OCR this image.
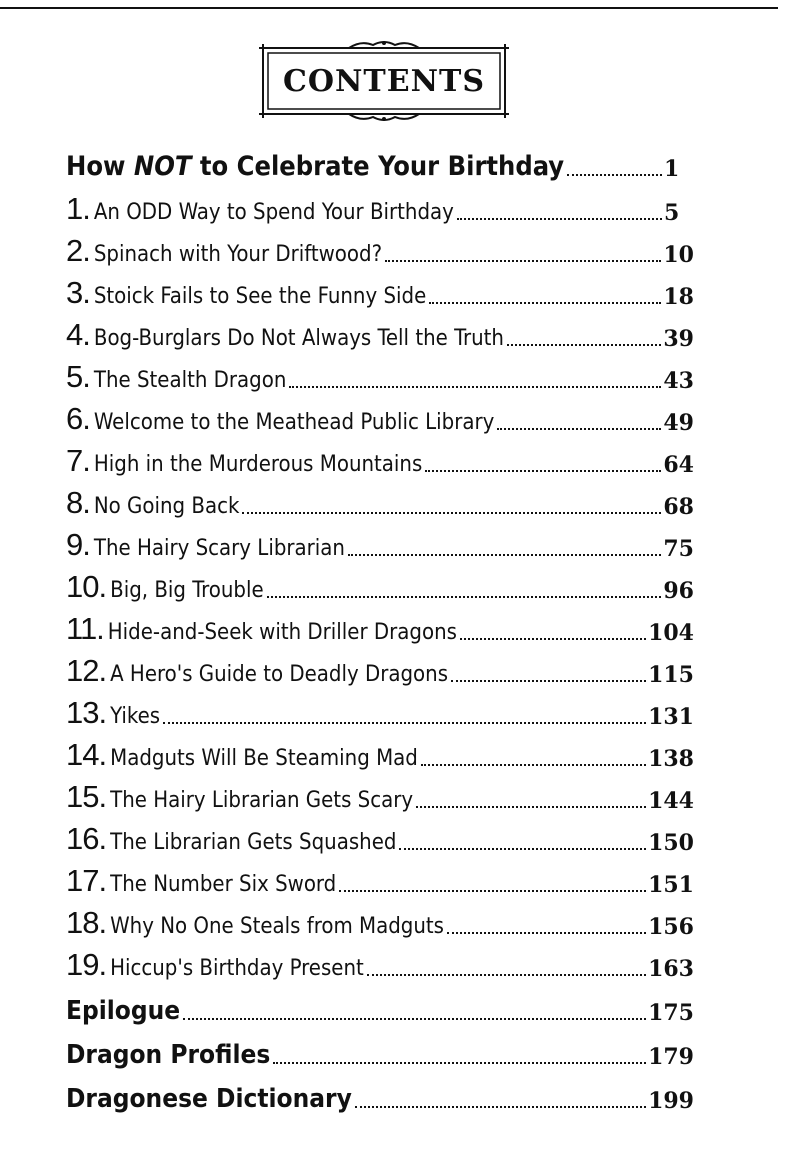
CONTENTS
How NOT to Celebrate Your Birthday	1
1. An ODD Way to Spend Your Birthday	5
2. Spinach with Your Driftwood?	10
3. Stoick Fails to See the Funny Side	18
4. Bog-Burglars Do Not Always Tell the Truth	39
5. The Stealth Dragon	43
6. Welcome to the Meathead Public Library	49
7. High in the Murderous Mountains	64
8. No Going Back	68
9. The Hairy Scary Librarian	75
10. Big, Big Trouble	96
11. Hide-and-Seek with Driller Dragons	104
12. A Hero's Guide to Deadly Dragons	115
13. Yikes	131
14. Madguts Will Be Steaming Mad	138
15. The Hairy Librarian Gets Scary	144
16. The Librarian Gets Squashed	150
17. The Number Six Sword	151
18. Why No One Steals from Madguts	156
19. Hiccup's Birthday Present	163
Epilogue	175
Dragon Profiles	179
Dragonese Dictionary	199
